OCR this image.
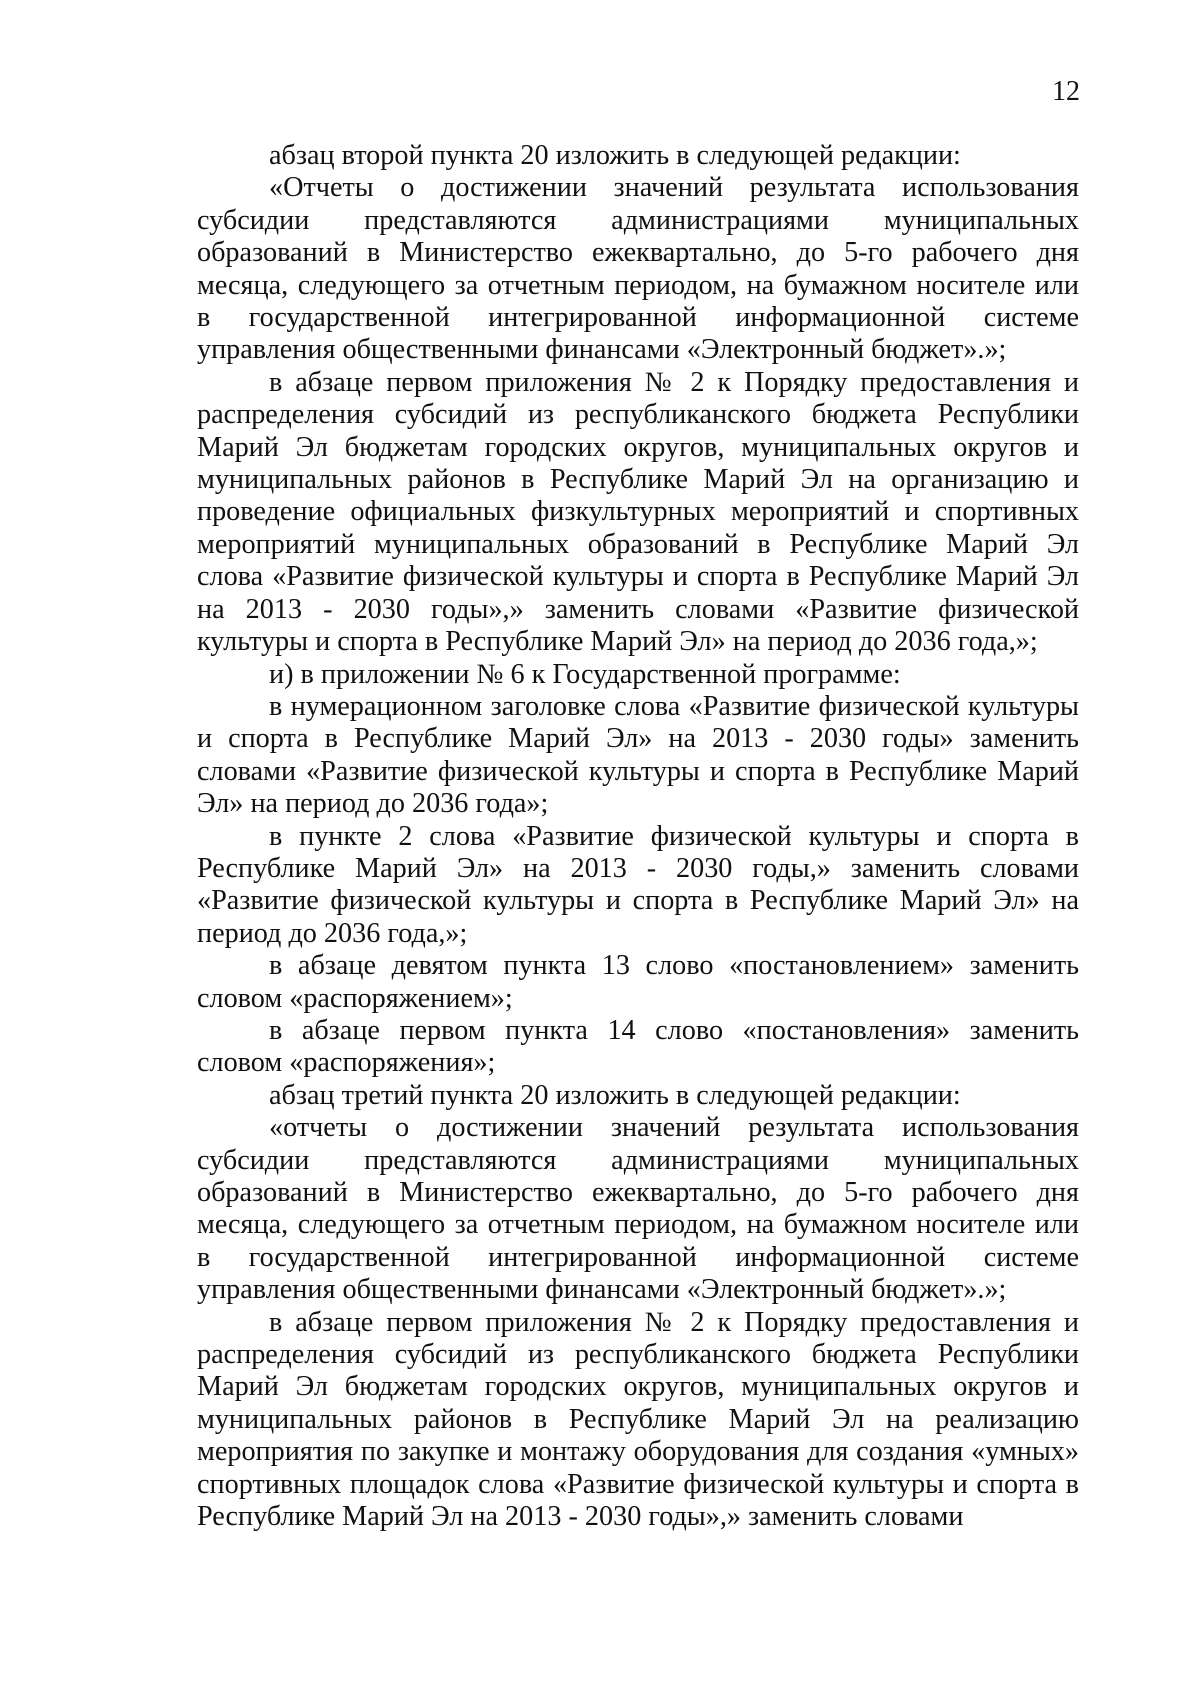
12

абзац второй пункта 20 изложить в следующей редакции:

«Отчеты о достижении значений результата использования субсидии представляются администрациями муниципальных образований в Министерство ежеквартально, до 5-го рабочего дня месяца, следующего за отчетным периодом, на бумажном носителе или в государственной интегрированной информационной системе управления общественными финансами «Электронный бюджет».»;

в абзаце первом приложения № 2 к Порядку предоставления и распределения субсидий из республиканского бюджета Республики Марий Эл бюджетам городских округов, муниципальных округов и муниципальных районов в Республике Марий Эл на организацию и проведение официальных физкультурных мероприятий и спортивных мероприятий муниципальных образований в Республике Марий Эл слова «Развитие физической культуры и спорта в Республике Марий Эл на 2013 - 2030 годы»,» заменить словами «Развитие физической культуры и спорта в Республике Марий Эл» на период до 2036 года,»;

и) в приложении № 6 к Государственной программе:

в нумерационном заголовке слова «Развитие физической культуры и спорта в Республике Марий Эл» на 2013 - 2030 годы» заменить словами «Развитие физической культуры и спорта в Республике Марий Эл» на период до 2036 года»;

в пункте 2 слова «Развитие физической культуры и спорта в Республике Марий Эл» на 2013 - 2030 годы,» заменить словами «Развитие физической культуры и спорта в Республике Марий Эл» на период до 2036 года,»;

в абзаце девятом пункта 13 слово «постановлением» заменить словом «распоряжением»;

в абзаце первом пункта 14 слово «постановления» заменить словом «распоряжения»;

абзац третий пункта 20 изложить в следующей редакции:

«отчеты о достижении значений результата использования субсидии представляются администрациями муниципальных образований в Министерство ежеквартально, до 5-го рабочего дня месяца, следующего за отчетным периодом, на бумажном носителе или в государственной интегрированной информационной системе управления общественными финансами «Электронный бюджет».»;

в абзаце первом приложения № 2 к Порядку предоставления и распределения субсидий из республиканского бюджета Республики Марий Эл бюджетам городских округов, муниципальных округов и муниципальных районов в Республике Марий Эл на реализацию мероприятия по закупке и монтажу оборудования для создания «умных» спортивных площадок слова «Развитие физической культуры и спорта в Республике Марий Эл на 2013 - 2030 годы»,» заменить словами
